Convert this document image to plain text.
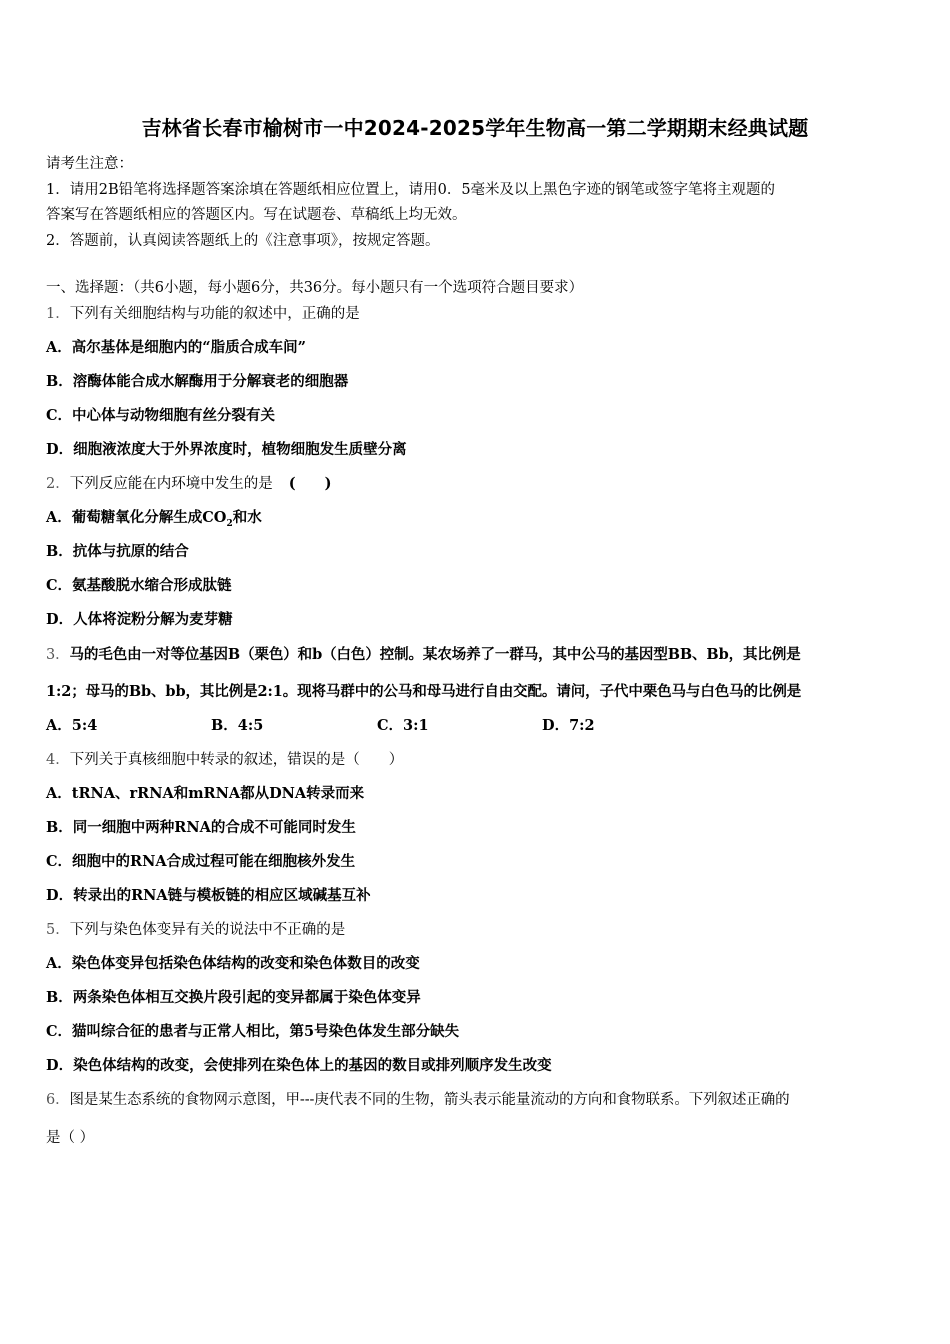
吉林省长春市榆树市一中2024-2025学年生物高一第二学期期末经典试题

请考生注意：

1．请用2B铅笔将选择题答案涂填在答题纸相应位置上，请用0．5毫米及以上黑色字迹的钢笔或签字笔将主观题的

答案写在答题纸相应的答题区内。写在试题卷、草稿纸上均无效。

2．答题前，认真阅读答题纸上的《注意事项》，按规定答题。

一、选择题：（共6小题，每小题6分，共36分。每小题只有一个选项符合题目要求）
1．下列有关细胞结构与功能的叙述中，正确的是
A．高尔基体是细胞内的“脂质合成车间”
B．溶酶体能合成水解酶用于分解衰老的细胞器
C．中心体与动物细胞有丝分裂有关
D．细胞液浓度大于外界浓度时，植物细胞发生质壁分离
2．下列反应能在内环境中发生的是 (　　)
A．葡萄糖氧化分解生成$CO_2$和水
B．抗体与抗原的结合
C．氨基酸脱水缩合形成肽链
D．人体将淀粉分解为麦芽糖
3．马的毛色由一对等位基因B（栗色）和b（白色）控制。某农场养了一群马，其中公马的基因型BB、Bb，其比例是
1:2；母马的Bb、bb，其比例是2:1。现将马群中的公马和母马进行自由交配。请问，子代中栗色马与白色马的比例是
A．5:4	B．4:5	C．3:1	D．7:2
4．下列关于真核细胞中转录的叙述，错误的是（　　）
A．tRNA、rRNA和mRNA都从DNA转录而来
B．同一细胞中两种RNA的合成不可能同时发生
C．细胞中的RNA合成过程可能在细胞核外发生
D．转录出的RNA链与模板链的相应区域碱基互补
5．下列与染色体变异有关的说法中不正确的是
A．染色体变异包括染色体结构的改变和染色体数目的改变
B．两条染色体相互交换片段引起的变异都属于染色体变异
C．猫叫综合征的患者与正常人相比，第5号染色体发生部分缺失
D．染色体结构的改变，会使排列在染色体上的基因的数目或排列顺序发生改变
6．图是某生态系统的食物网示意图，甲---庚代表不同的生物，箭头表示能量流动的方向和食物联系。下列叙述正确的
是（ ）
